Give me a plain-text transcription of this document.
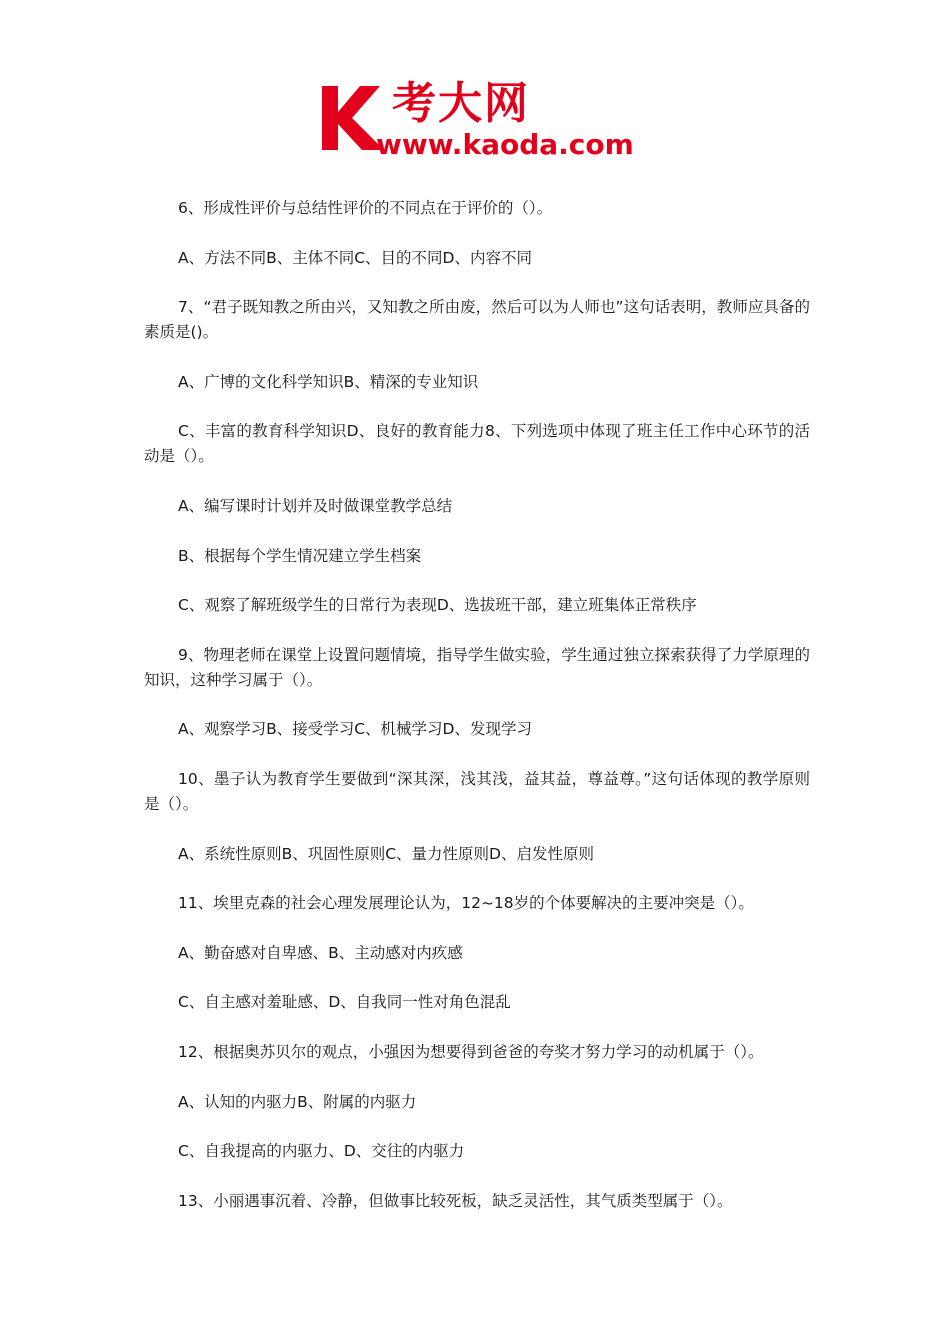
考大网
www.kaoda.com

6、形成性评价与总结性评价的不同点在于评价的（）。

A、方法不同B、主体不同C、目的不同D、内容不同

7、“君子既知教之所由兴，又知教之所由废，然后可以为人师也”这句话表明，教师应具备的素质是()。

A、广博的文化科学知识B、精深的专业知识

C、丰富的教育科学知识D、良好的教育能力8、下列选项中体现了班主任工作中心环节的活动是（）。

A、编写课时计划并及时做课堂教学总结

B、根据每个学生情况建立学生档案

C、观察了解班级学生的日常行为表现D、选拔班干部，建立班集体正常秩序

9、物理老师在课堂上设置问题情境，指导学生做实验，学生通过独立探索获得了力学原理的知识，这种学习属于（）。

A、观察学习B、接受学习C、机械学习D、发现学习

10、墨子认为教育学生要做到“深其深，浅其浅，益其益，尊益尊。”这句话体现的教学原则是（）。

A、系统性原则B、巩固性原则C、量力性原则D、启发性原则

11、埃里克森的社会心理发展理论认为，12~18岁的个体要解决的主要冲突是（）。

A、勤奋感对自卑感、B、主动感对内疚感

C、自主感对羞耻感、D、自我同一性对角色混乱

12、根据奥苏贝尔的观点，小强因为想要得到爸爸的夸奖才努力学习的动机属于（）。

A、认知的内驱力B、附属的内驱力

C、自我提高的内驱力、D、交往的内驱力

13、小丽遇事沉着、冷静，但做事比较死板，缺乏灵活性，其气质类型属于（）。
